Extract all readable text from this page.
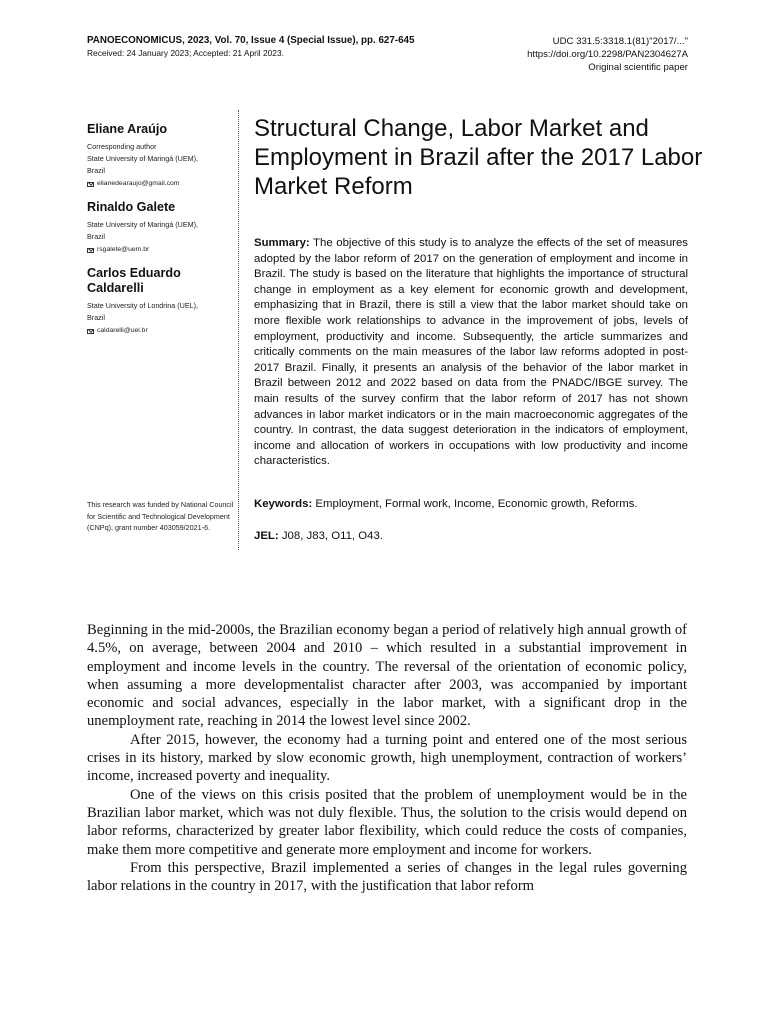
PANOECONOMICUS, 2023, Vol. 70, Issue 4 (Special Issue), pp. 627-645
Received: 24 January 2023; Accepted: 21 April 2023.
UDC 331.5:3318.1(81)"2017/..."
https://doi.org/10.2298/PAN2304627A
Original scientific paper
Eliane Araújo
Corresponding author
State University of Maringá (UEM),
Brazil
elianedearaujo@gmail.com
Rinaldo Galete
State University of Maringá (UEM),
Brazil
rsgalete@uem.br
Carlos Eduardo Caldarelli
State University of Londrina (UEL),
Brazil
caldarelli@uel.br
This research was funded by National Council for Scientific and Technological Development (CNPq), grant number 403059/2021-6.
Structural Change, Labor Market and Employment in Brazil after the 2017 Labor Market Reform

Summary: The objective of this study is to analyze the effects of the set of measures adopted by the labor reform of 2017 on the generation of employment and income in Brazil. The study is based on the literature that highlights the importance of structural change in employment as a key element for economic growth and development, emphasizing that in Brazil, there is still a view that the labor market should take on more flexible work relationships to advance in the improvement of jobs, levels of employment, productivity and income. Subsequently, the article summarizes and critically comments on the main measures of the labor law reforms adopted in post-2017 Brazil. Finally, it presents an analysis of the behavior of the labor market in Brazil between 2012 and 2022 based on data from the PNADC/IBGE survey. The main results of the survey confirm that the labor reform of 2017 has not shown advances in labor market indicators or in the main macroeconomic aggregates of the country. In contrast, the data suggest deterioration in the indicators of employment, income and allocation of workers in occupations with low productivity and income characteristics.

Keywords: Employment, Formal work, Income, Economic growth, Reforms.

JEL: J08, J83, O11, O43.

Beginning in the mid-2000s, the Brazilian economy began a period of relatively high annual growth of 4.5%, on average, between 2004 and 2010 – which resulted in a substantial improvement in employment and income levels in the country. The reversal of the orientation of economic policy, when assuming a more developmentalist character after 2003, was accompanied by important economic and social advances, especially in the labor market, with a significant drop in the unemployment rate, reaching in 2014 the lowest level since 2002.

After 2015, however, the economy had a turning point and entered one of the most serious crises in its history, marked by slow economic growth, high unemployment, contraction of workers’ income, increased poverty and inequality.

One of the views on this crisis posited that the problem of unemployment would be in the Brazilian labor market, which was not duly flexible. Thus, the solution to the crisis would depend on labor reforms, characterized by greater labor flexibility, which could reduce the costs of companies, make them more competitive and generate more employment and income for workers.

From this perspective, Brazil implemented a series of changes in the legal rules governing labor relations in the country in 2017, with the justification that labor reform
